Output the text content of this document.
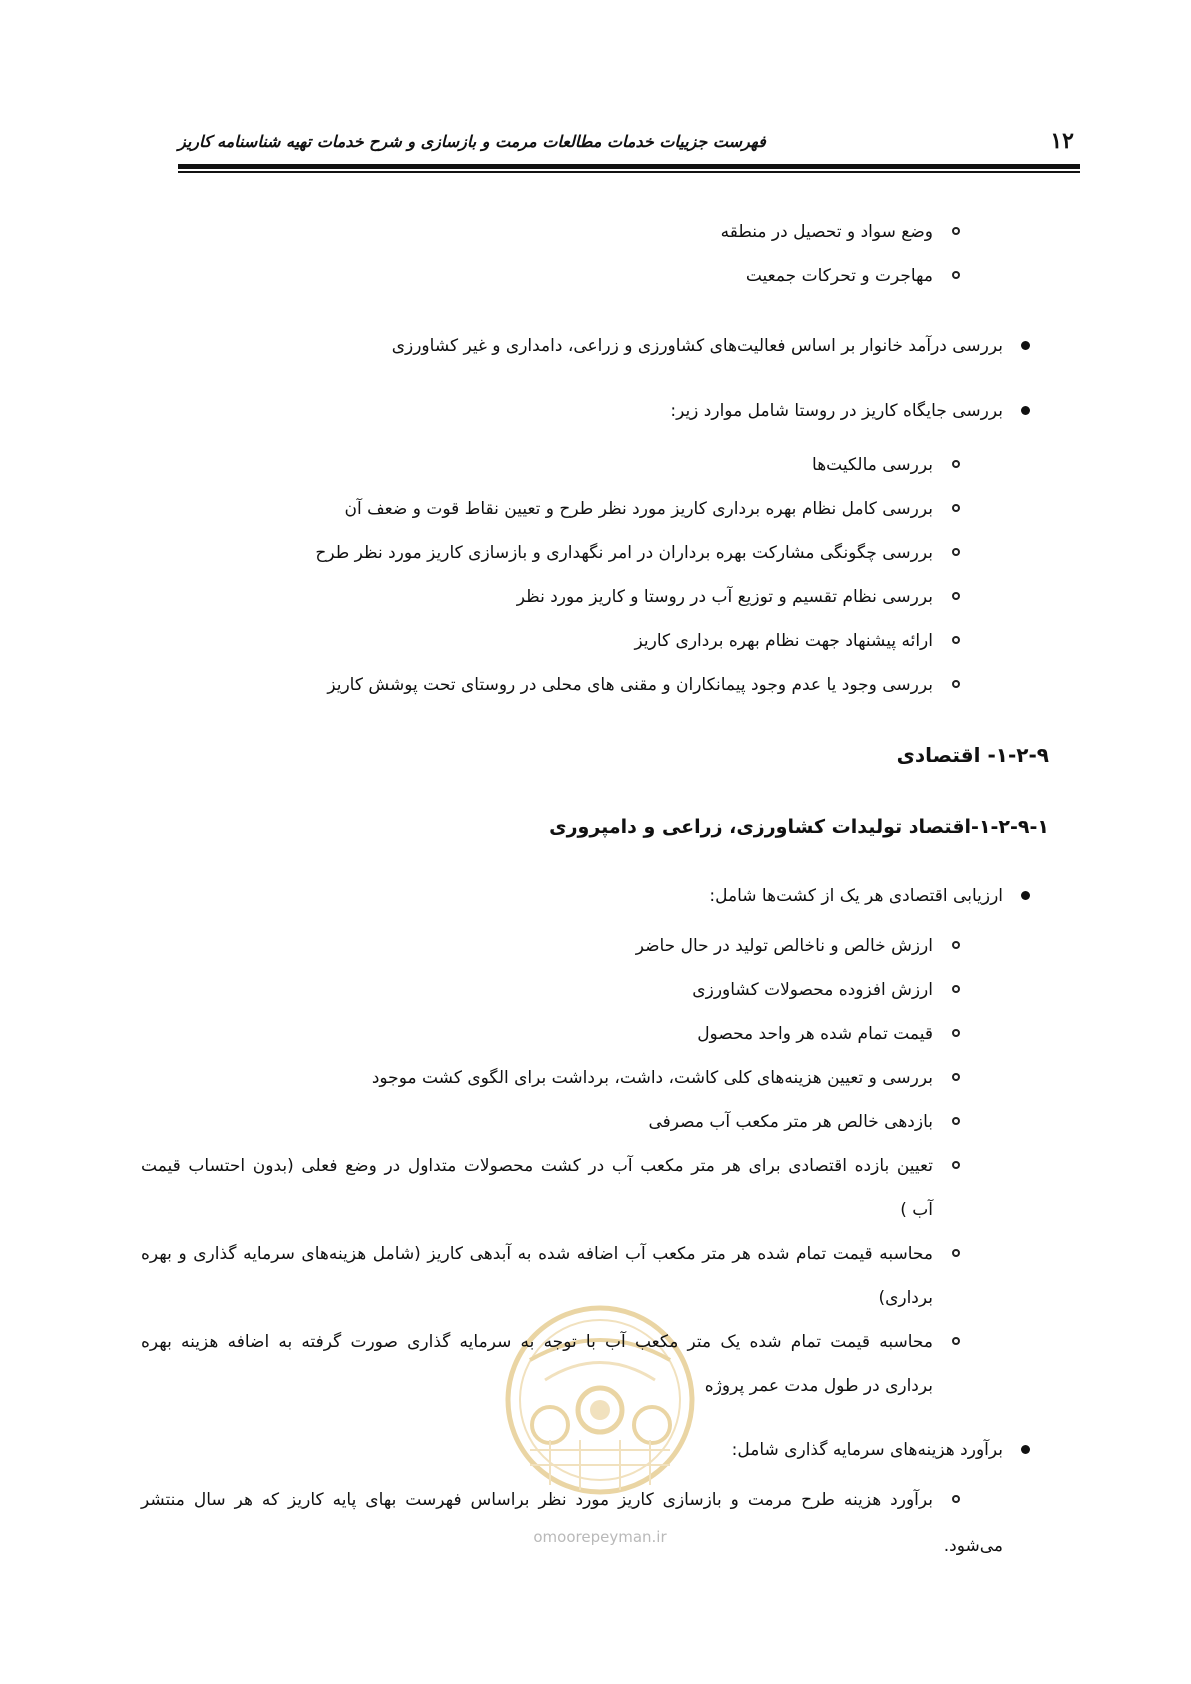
۱۲
فهرست جزییات خدمات مطالعات مرمت و بازسازی و شرح خدمات تهیه شناسنامه کاریز
omoorepeyman.ir
وضع سواد و تحصیل در منطقه
مهاجرت و تحرکات جمعیت
بررسی درآمد خانوار بر اساس فعالیت‌های کشاورزی و زراعی، دامداری و غیر کشاورزی
بررسی جایگاه کاریز در روستا شامل موارد زیر:
بررسی مالکیت‌ها
بررسی کامل نظام بهره برداری کاریز مورد نظر طرح و تعیین نقاط قوت و ضعف آن
بررسی چگونگی مشارکت بهره برداران در امر نگهداری و بازسازی کاریز مورد نظر طرح
بررسی نظام تقسیم و توزیع آب در روستا و کاریز مورد نظر
ارائه پیشنهاد جهت نظام بهره برداری کاریز
بررسی وجود یا عدم وجود پیمانکاران و مقنی های محلی در روستای تحت پوشش کاریز
۱-۲-۹- اقتصادی
۱-۲-۹-۱-اقتصاد تولیدات کشاورزی، زراعی و دامپروری
ارزیابی اقتصادی هر یک از کشت‌ها شامل:
ارزش خالص و ناخالص تولید در حال حاضر
ارزش افزوده محصولات کشاورزی
قیمت تمام شده هر واحد محصول
بررسی و تعیین هزینه‌های کلی کاشت، داشت، برداشت برای الگوی کشت موجود
بازدهی خالص هر متر مکعب آب مصرفی
تعیین بازده اقتصادی برای هر متر مکعب آب در کشت محصولات متداول در وضع فعلی (بدون احتساب قیمت
آب )
محاسبه قیمت تمام شده هر متر مکعب آب اضافه شده به آبدهی کاریز (شامل هزینه‌های سرمایه گذاری و بهره
برداری)
محاسبه قیمت تمام شده یک متر مکعب آب با توجه به سرمایه گذاری صورت گرفته به اضافه هزینه بهره
برداری در طول مدت عمر پروژه
برآورد هزینه‌های سرمایه گذاری شامل:
برآورد هزینه طرح مرمت و بازسازی کاریز مورد نظر براساس فهرست بهای پایه کاریز که هر سال منتشر
می‌شود.
